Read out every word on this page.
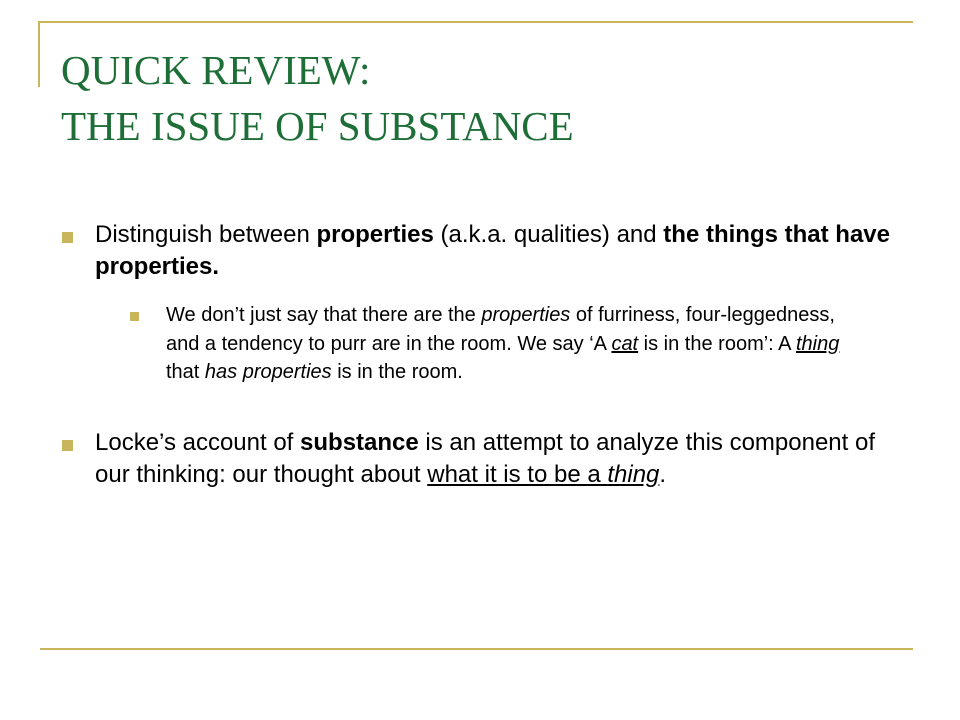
QUICK REVIEW:
THE ISSUE OF SUBSTANCE
Distinguish between properties (a.k.a. qualities) and the things that have properties.
We don’t just say that there are the properties of furriness, four-leggedness, and a tendency to purr are in the room. We say ‘A cat is in the room’: A thing that has properties is in the room.
Locke’s account of substance is an attempt to analyze this component of our thinking: our thought about what it is to be a thing.
